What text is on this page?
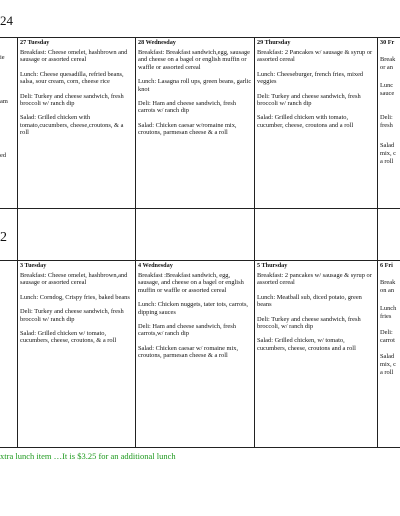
24
ie
am
ed
27 Tuesday
Breakfast: Cheese omelet, hashbrown and sausage or assorted cereal
Lunch: Cheese quesadilla, refried beans, salsa, sour cream, corn, cheese rice
Deli: Turkey and cheese sandwich, fresh broccoli w/ ranch dip
Salad: Grilled chicken with tomato,cucumbers, cheese,croutons, & a roll
28 Wednesday
Breakfast: Breakfast sandwich,egg, sausage and cheese on a bagel or english muffin or waffle or assorted cereal
Lunch: Lasagna roll ups, green beans, garlic knot
Deli: Ham and cheese sandwich, fresh carrots w/ ranch dip
Salad: Chicken caesar w/romaine mix, croutons, parmesan cheese & a roll
29 Thursday
Breakfast: 2 Pancakes w/ sausage & syrup or assorted cereal
Lunch: Cheeseburger, french fries, mixed veggies
Deli: Turkey and cheese sandwich, fresh broccoli w/ ranch dip
Salad: Grilled chicken with tomato, cucumber, cheese, croutons and a roll
30 Fr
Break
or an
Lunc
sauce
Deli:
fresh
Salad
mix, c
a roll
2
3 Tuesday
Breakfast: Cheese omelet, hashbrown,and sausage or assorted cereal
Lunch: Corndog, Crispy fries, baked beans
Deli: Turkey and cheese sandwich, fresh broccoli w/ ranch dip
Salad: Grilled chicken w/ tomato, cucumbers, cheese, croutons, & a roll
4 Wednesday
Breakfast :Breakfast sandwich, egg, sausage, and cheese on a bagel or english muffin or waffle or assorted cereal
Lunch: Chicken nuggets, tater tots, carrots, dipping sauces
Deli: Ham and cheese sandwich, fresh carrots,w/ ranch dip
Salad: Chicken caesar w/ romaine mix, croutons, parmesan cheese & a roll
5 Thursday
Breakfast: 2 pancakes w/ sausage & syrup or assorted cereal
Lunch: Meatball sub, diced potato, green beans
Deli: Turkey and cheese sandwich, fresh broccoli, w/ ranch dip
Salad: Grilled chicken, w/ tomato, cucumbers, cheese, croutons and a roll
6 Fri
Break
on an
Lunch
fries
Deli:
carrot
Salad
mix, c
a roll
xtra lunch item …It is $3.25 for an additional lunch
